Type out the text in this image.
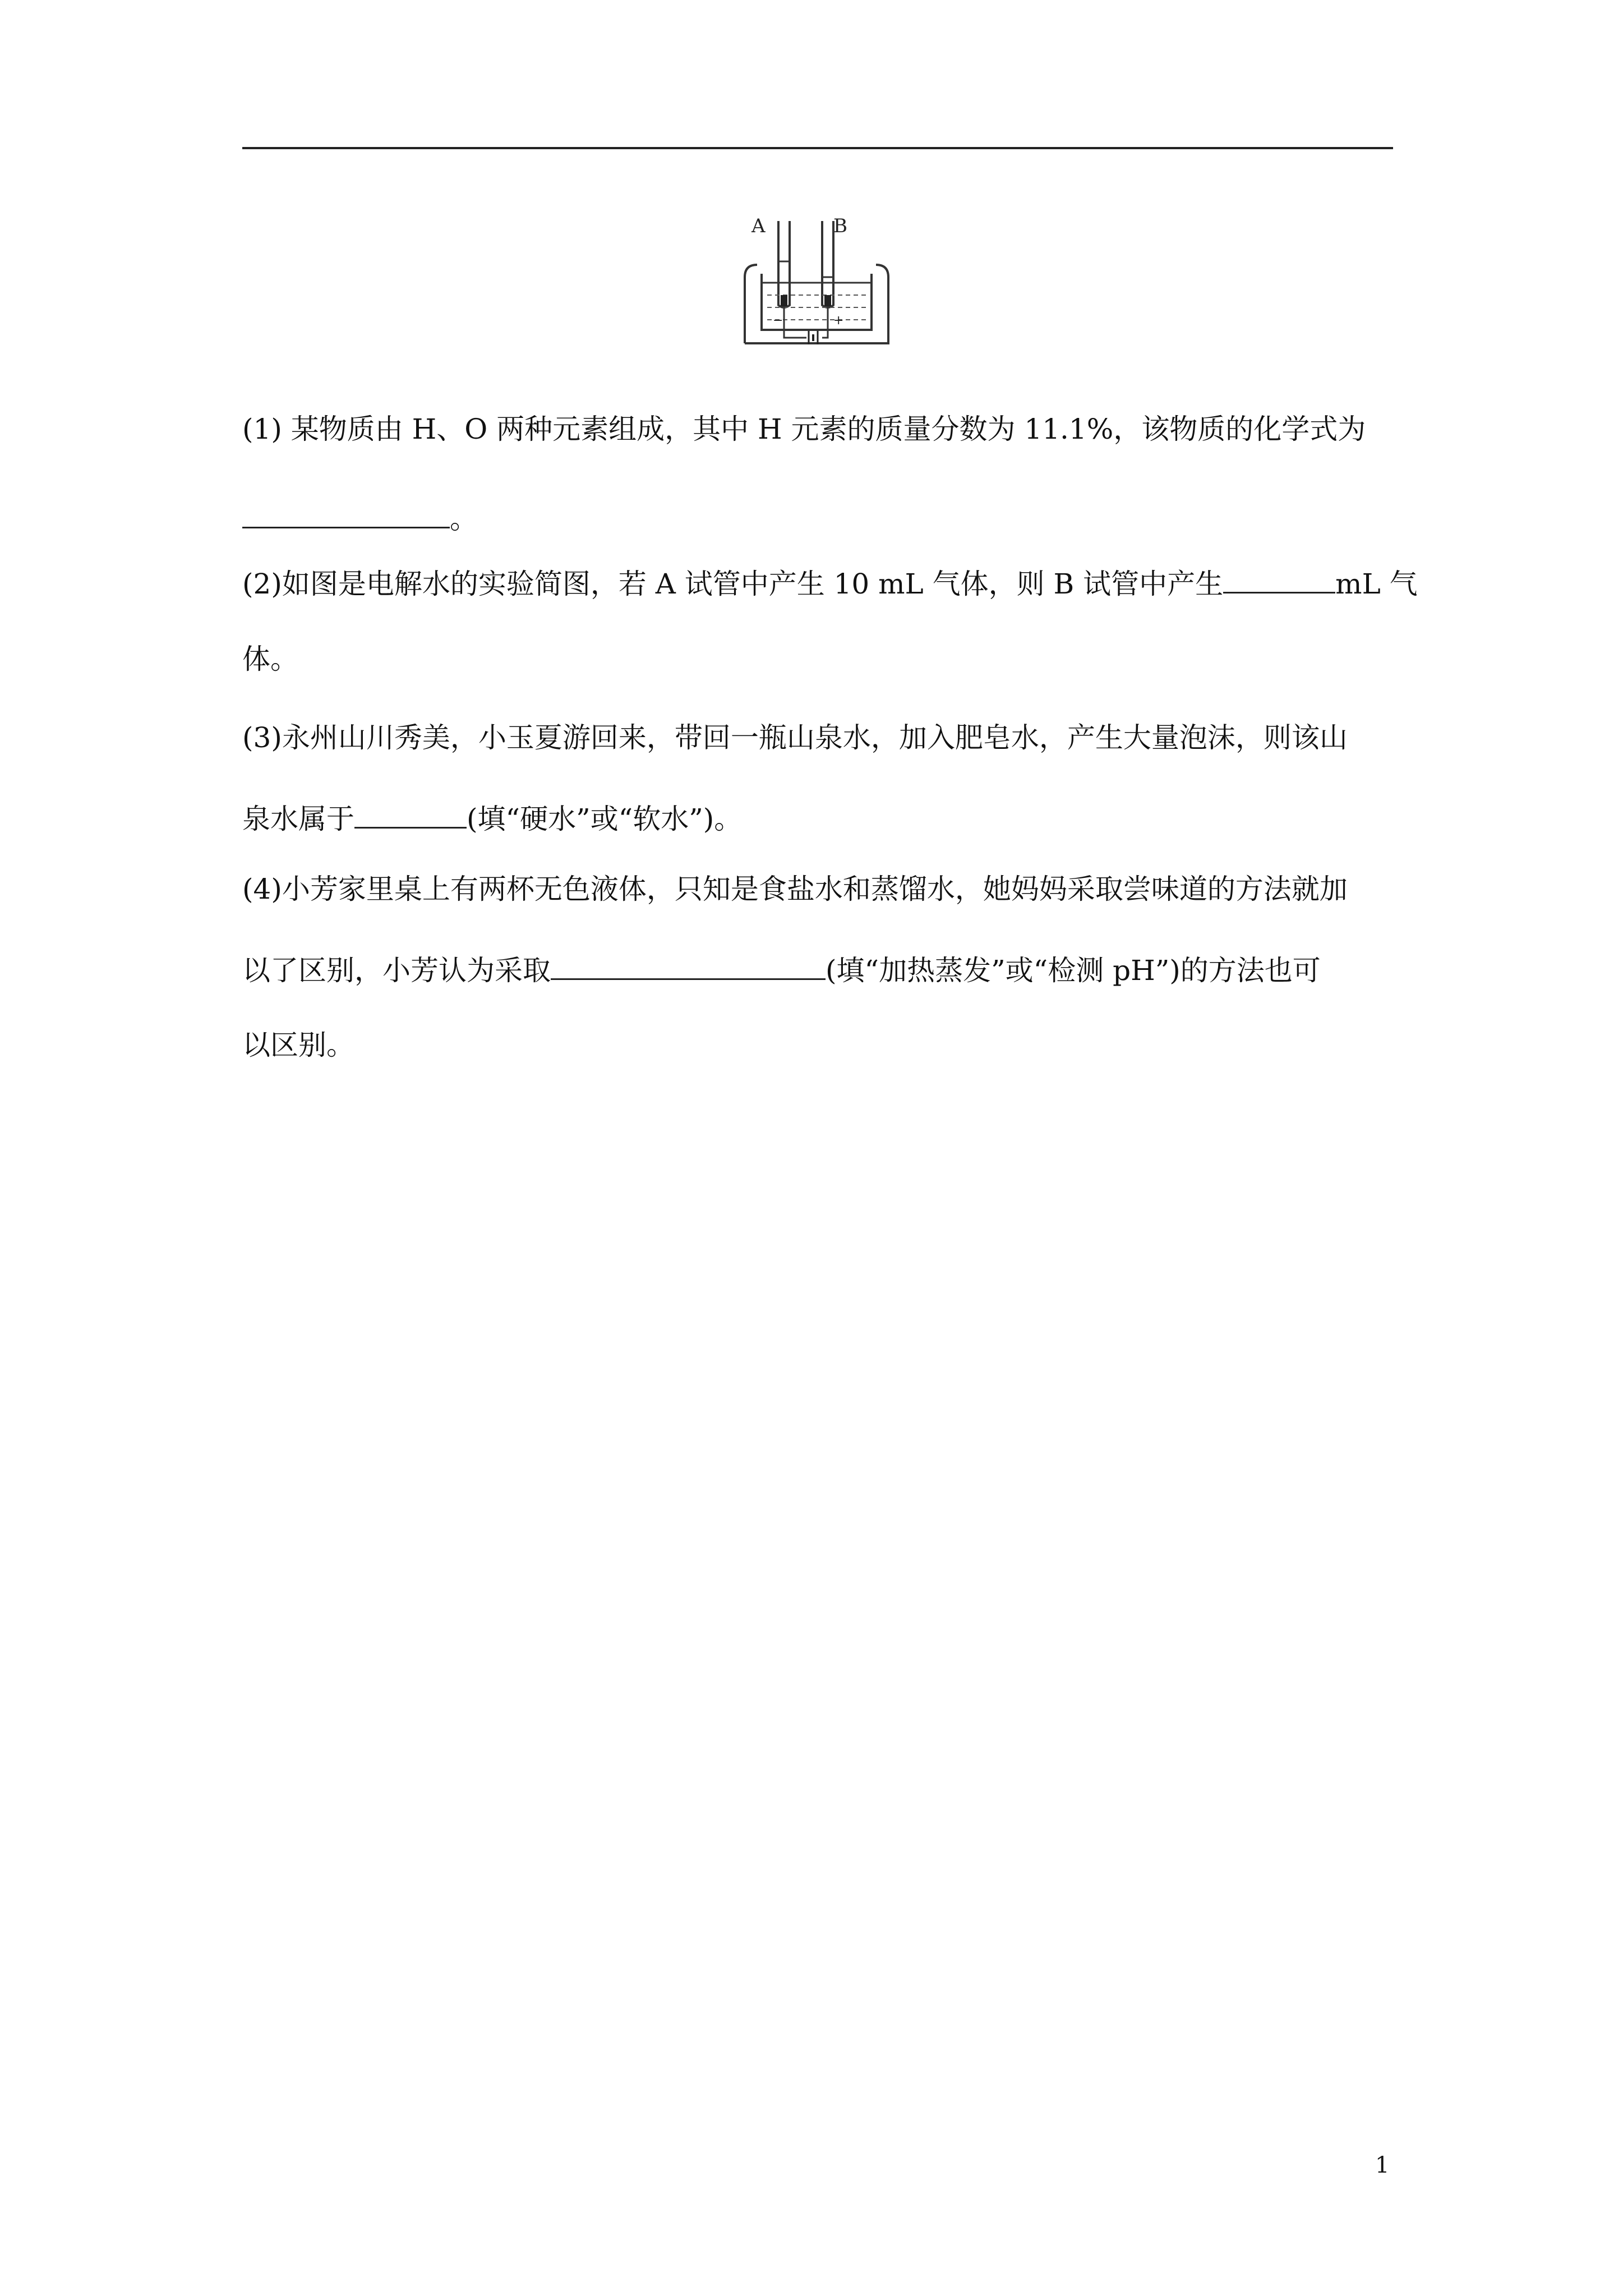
A	B
−	+
(1) 某物质由 H、O 两种元素组成，其中 H 元素的质量分数为 11.1%，该物质的化学式为
。
(2)如图是电解水的实验简图，若 A 试管中产生 10 mL 气体，则 B 试管中产生	mL 气
体。
(3)永州山川秀美，小玉夏游回来，带回一瓶山泉水，加入肥皂水，产生大量泡沫，则该山
泉水属于	(填“硬水”或“软水”)。
(4)小芳家里桌上有两杯无色液体，只知是食盐水和蒸馏水，她妈妈采取尝味道的方法就加
以了区别，小芳认为采取	(填“加热蒸发”或“检测 pH”)的方法也可
以区别。
1
